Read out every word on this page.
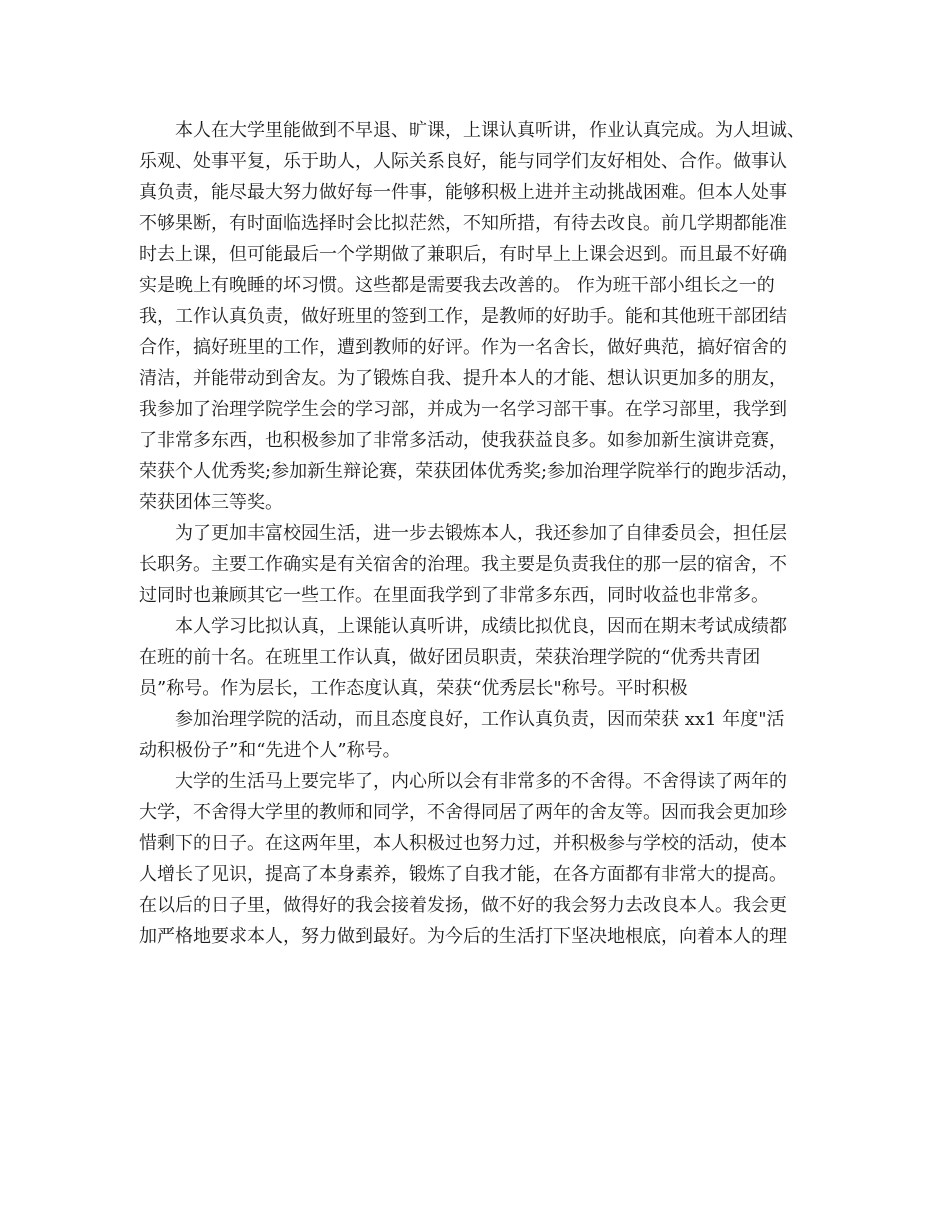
本人在大学里能做到不早退、旷课，上课认真听讲，作业认真完成。为人坦诚、
乐观、处事平复，乐于助人，人际关系良好，能与同学们友好相处、合作。做事认
真负责，能尽最大努力做好每一件事，能够积极上进并主动挑战困难。但本人处事
不够果断，有时面临选择时会比拟茫然，不知所措，有待去改良。前几学期都能准
时去上课，但可能最后一个学期做了兼职后，有时早上上课会迟到。而且最不好确
实是晚上有晚睡的坏习惯。这些都是需要我去改善的。 作为班干部小组长之一的
我，工作认真负责，做好班里的签到工作，是教师的好助手。能和其他班干部团结
合作，搞好班里的工作，遭到教师的好评。作为一名舍长，做好典范，搞好宿舍的
清洁，并能带动到舍友。为了锻炼自我、提升本人的才能、想认识更加多的朋友，
我参加了治理学院学生会的学习部，并成为一名学习部干事。在学习部里，我学到
了非常多东西，也积极参加了非常多活动，使我获益良多。如参加新生演讲竞赛，
荣获个人优秀奖;参加新生辩论赛，荣获团体优秀奖;参加治理学院举行的跑步活动，
荣获团体三等奖。
为了更加丰富校园生活，进一步去锻炼本人，我还参加了自律委员会，担任层
长职务。主要工作确实是有关宿舍的治理。我主要是负责我住的那一层的宿舍，不
过同时也兼顾其它一些工作。在里面我学到了非常多东西，同时收益也非常多。
本人学习比拟认真，上课能认真听讲，成绩比拟优良，因而在期末考试成绩都
在班的前十名。在班里工作认真，做好团员职责，荣获治理学院的“优秀共青团
员”称号。作为层长，工作态度认真，荣获“优秀层长"称号。平时积极
参加治理学院的活动，而且态度良好，工作认真负责，因而荣获 xx1 年度"活
动积极份子”和“先进个人”称号。
大学的生活马上要完毕了，内心所以会有非常多的不舍得。不舍得读了两年的
大学，不舍得大学里的教师和同学，不舍得同居了两年的舍友等。因而我会更加珍
惜剩下的日子。在这两年里，本人积极过也努力过，并积极参与学校的活动，使本
人增长了见识，提高了本身素养，锻炼了自我才能，在各方面都有非常大的提高。
在以后的日子里，做得好的我会接着发扬，做不好的我会努力去改良本人。我会更
加严格地要求本人，努力做到最好。为今后的生活打下坚决地根底，向着本人的理
